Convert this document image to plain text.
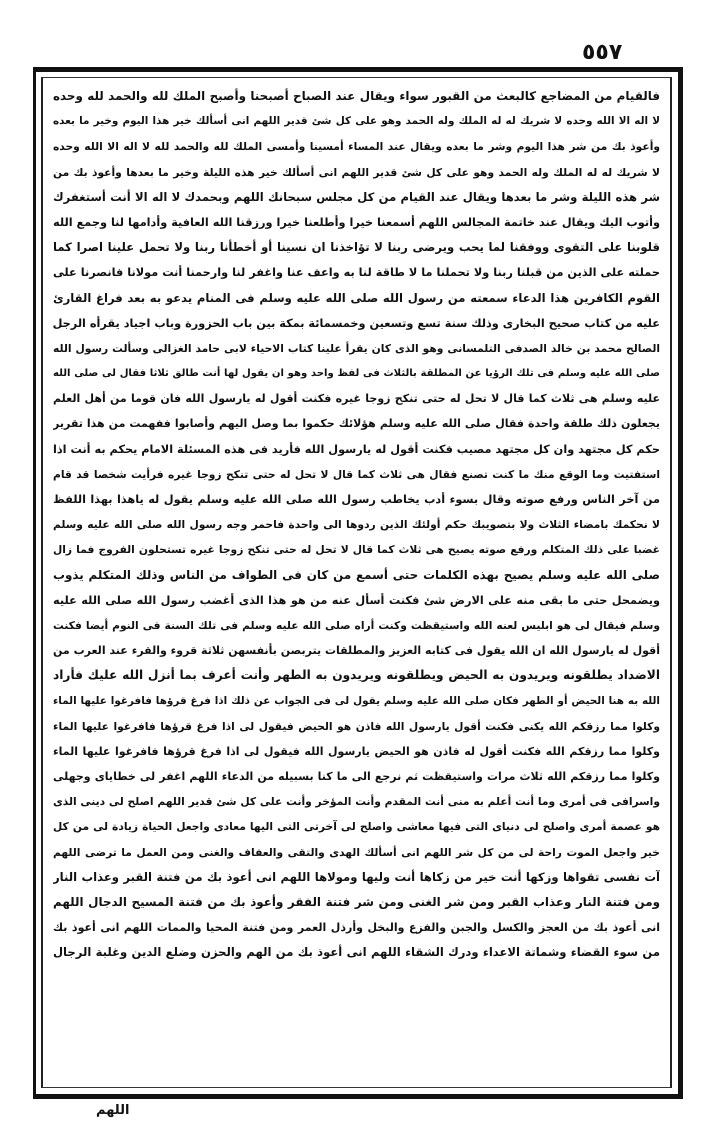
٥٥٧
فالقيام من المضاجع كالبعث من القبور سواء ويقال عند الصباح أصبحنا وأصبح الملك لله والحمد لله وحده
لا اله الا الله وحده لا شريك له له الملك وله الحمد وهو على كل شئ قدير اللهم انى أسألك خير هذا اليوم وخير ما بعده
وأعوذ بك من شر هذا اليوم وشر ما بعده ويقال عند المساء أمسينا وأمسى الملك لله والحمد لله لا اله الا الله وحده
لا شريك له له الملك وله الحمد وهو على كل شئ قدير اللهم انى أسألك خير هذه الليلة وخير ما بعدها وأعوذ بك من
شر هذه الليلة وشر ما بعدها ويقال عند القيام من كل مجلس سبحانك اللهم وبحمدك لا اله الا أنت أستغفرك
وأتوب اليك ويقال عند خاتمة المجالس اللهم أسمعنا خيرا وأطلعنا خيرا ورزقنا الله العافية وأدامها لنا وجمع الله
قلوبنا على التقوى ووفقنا لما يحب ويرضى ربنا لا تؤاخذنا ان نسينا أو أخطأنا ربنا ولا تحمل علينا اصرا كما
حملته على الذين من قبلنا ربنا ولا تحملنا ما لا طاقة لنا به واعف عنا واغفر لنا وارحمنا أنت مولانا فانصرنا على
القوم الكافرين هذا الدعاء سمعته من رسول الله صلى الله عليه وسلم فى المنام يدعو به بعد فراغ القارئ
عليه من كتاب صحيح البخارى وذلك سنة تسع وتسعين وخمسمائة بمكة بين باب الحزورة وباب اجياد يقرأه الرجل
الصالح محمد بن خالد الصدفى التلمسانى وهو الذى كان يقرأ علينا كتاب الاحياء لابى حامد الغزالى وسألت رسول الله
صلى الله عليه وسلم فى تلك الرؤيا عن المطلقة بالثلاث فى لفظ واحد وهو ان يقول لها أنت طالق ثلاثا فقال لى صلى الله
عليه وسلم هى ثلاث كما قال لا تحل له حتى تنكح زوجا غيره فكنت أقول له يارسول الله فان قوما من أهل العلم
يجعلون ذلك طلقة واحدة فقال صلى الله عليه وسلم هؤلائك حكموا بما وصل اليهم وأصابوا ففهمت من هذا تقرير
حكم كل مجتهد وان كل مجتهد مصيب فكنت أقول له يارسول الله فأريد فى هذه المسئلة الامام يحكم به أنت اذا
استفتيت وما الوقع منك ما كنت تصنع فقال هى ثلاث كما قال لا تحل له حتى تنكح زوجا غيره فرأيت شخصا قد قام
من آخر الناس ورفع صوته وقال بسوء أدب يخاطب رسول الله صلى الله عليه وسلم يقول له ياهذا بهذا اللفظ
لا نحكمك بامضاء الثلاث ولا بتصويبك حكم أولئك الذين ردوها الى واحدة فاحمر وجه رسول الله صلى الله عليه وسلم
غضبا على ذلك المتكلم ورفع صوته يصيح هى ثلاث كما قال لا تحل له حتى تنكح زوجا غيره تستحلون الفروج فما زال
صلى الله عليه وسلم يصيح بهذه الكلمات حتى أسمع من كان فى الطواف من الناس وذلك المتكلم يذوب
ويضمحل حتى ما بقى منه على الارض شئ فكنت أسأل عنه من هو هذا الذى أغضب رسول الله صلى الله عليه
وسلم فيقال لى هو ابليس لعنه الله واستيقظت وكنت أراه صلى الله عليه وسلم فى تلك السنة فى النوم أيضا فكنت
أقول له يارسول الله ان الله يقول فى كتابه العزيز والمطلقات يتربصن بأنفسهن ثلاثة قروء والقرء عند العرب من
الاضداد يطلقونه ويريدون به الحيض ويطلقونه ويريدون به الطهر وأنت أعرف بما أنزل الله عليك فأراد
الله به هنا الحيض أو الطهر فكان صلى الله عليه وسلم يقول لى فى الجواب عن ذلك اذا فرغ قرؤها فافرغوا عليها الماء
وكلوا مما رزقكم الله يكنى فكنت أقول يارسول الله فاذن هو الحيض فيقول لى اذا فرغ قرؤها فافرغوا عليها الماء
وكلوا مما رزقكم الله فكنت أقول له فاذن هو الحيض يارسول الله فيقول لى اذا فرغ قرؤها فافرغوا عليها الماء
وكلوا مما رزقكم الله ثلاث مرات واستيقظت ثم نرجع الى ما كنا بسبيله من الدعاء اللهم اغفر لى خطاياى وجهلى
واسرافى فى أمرى وما أنت أعلم به منى أنت المقدم وأنت المؤخر وأنت على كل شئ قدير اللهم اصلح لى دينى الذى
هو عصمة أمرى واصلح لى دنياى التى فيها معاشى واصلح لى آخرتى التى اليها معادى واجعل الحياة زيادة لى من كل
خير واجعل الموت راحة لى من كل شر اللهم انى أسألك الهدى والتقى والعفاف والغنى ومن العمل ما ترضى اللهم
آت نفسى تقواها وزكها أنت خير من زكاها أنت وليها ومولاها اللهم انى أعوذ بك من فتنة القبر وعذاب النار
ومن فتنة النار وعذاب القبر ومن شر الغنى ومن شر فتنة الفقر وأعوذ بك من فتنة المسيح الدجال اللهم
انى أعوذ بك من العجز والكسل والجبن والفزع والبخل وأرذل العمر ومن فتنة المحيا والممات اللهم انى أعوذ بك
من سوء القضاء وشماتة الاعداء ودرك الشقاء اللهم انى أعوذ بك من الهم والحزن وضلع الدين وغلبة الرجال
اللهم
